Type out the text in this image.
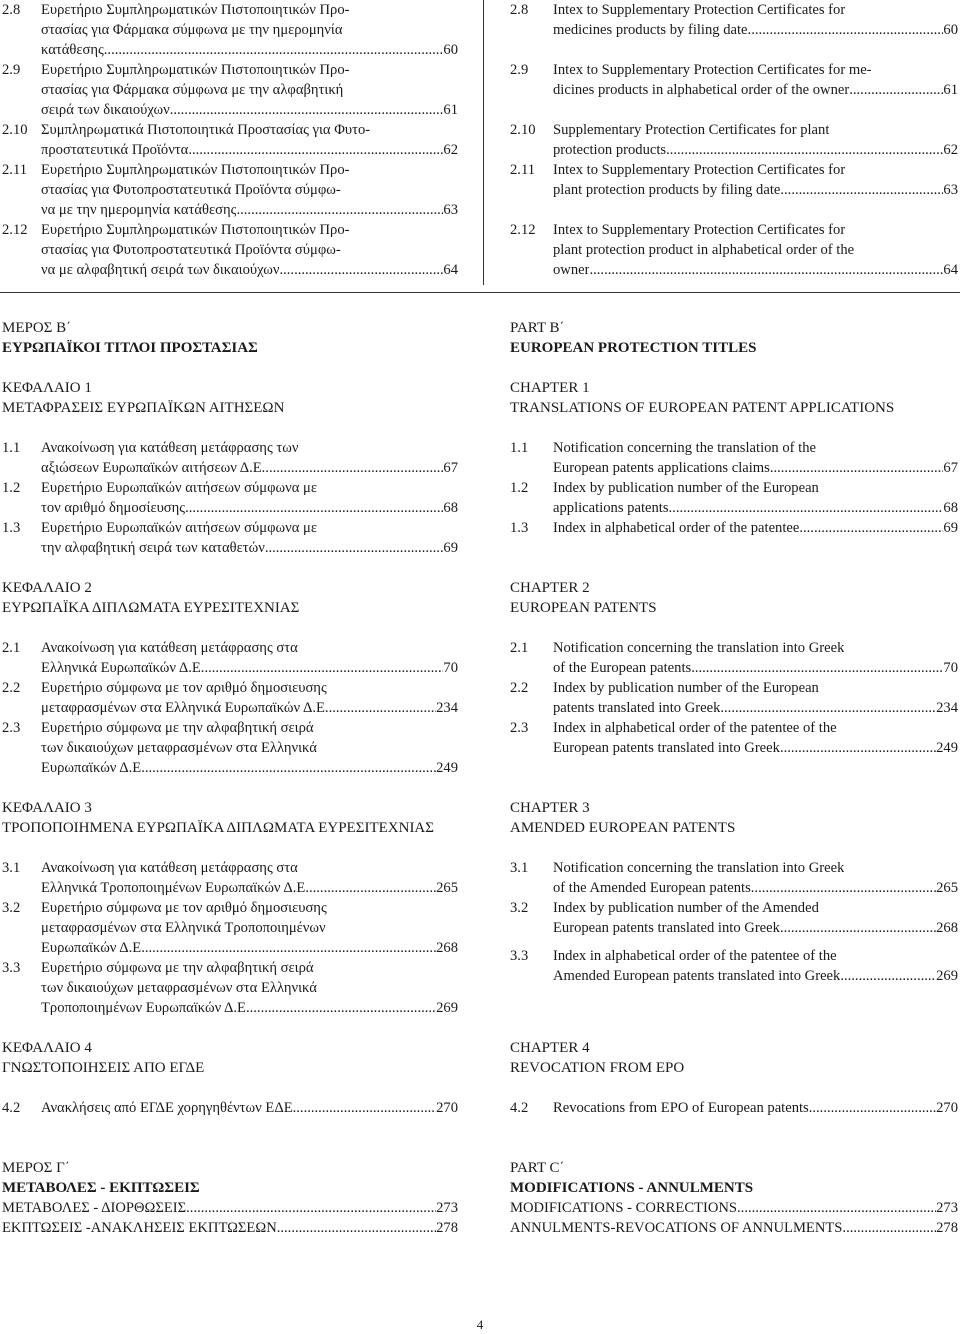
2.8	Ευρετήριο Συμπληρωματικών Πιστοποιητικών Προ-
στασίας για Φάρμακα σύμφωνα με την ημερομηνία
κατάθεσης .....	60
2.9	Ευρετήριο Συμπληρωματικών Πιστοποιητικών Προ-
στασίας για Φάρμακα σύμφωνα με την αλφαβητική
σειρά των δικαιούχων .....	61
2.10 Συμπληρωματικά Πιστοποιητικά Προστασίας για Φυτο-
προστατευτικά Προϊόντα .....	62
2.11 Ευρετήριο Συμπληρωματικών Πιστοποιητικών Προ-
στασίας για Φυτοπροστατευτικά Προϊόντα σύμφω-
να με την ημερομηνία κατάθεσης .....	63
2.12 Ευρετήριο Συμπληρωματικών Πιστοποιητικών Προ-
στασίας για Φυτοπροστατευτικά Προϊόντα σύμφω-
να με αλφαβητική σειρά των δικαιούχων .....	64
2.8	Intex to Supplementary Protection Certificates for
medicines products by filing date .....	60
2.9	Intex to Supplementary Protection Certificates for me-
dicines products in alphabetical order of the owner .....	61
2.10	Supplementary Protection Certificates for plant
protection products .....	62
2.11	Intex to Supplementary Protection Certificates for
plant protection products by filing date .....	63
2.12	Intex to Supplementary Protection Certificates for
plant protection product in alphabetical order of the
owner .....	64
ΜΕΡΟΣ Β΄
ΕΥΡΩΠΑΪΚΟΙ ΤΙΤΛΟΙ ΠΡΟΣΤΑΣΙΑΣ
PART B΄
EUROPEAN PROTECTION TITLES
ΚΕΦΑΛΑΙΟ 1
ΜΕΤΑΦΡΑΣΕΙΣ ΕΥΡΩΠΑΪΚΩΝ ΑΙΤΗΣΕΩΝ
1.1	Ανακοίνωση για κατάθεση μετάφρασης των
αξιώσεων Ευρωπαϊκών αιτήσεων Δ.Ε. .....	67
1.2	Ευρετήριο Ευρωπαϊκών αιτήσεων σύμφωνα με
τον αριθμό δημοσίευσης .....	68
1.3	Ευρετήριο Ευρωπαϊκών αιτήσεων σύμφωνα με
την αλφαβητική σειρά των καταθετών .....	69
CHAPTER 1
TRANSLATIONS OF EUROPEAN PATENT APPLICATIONS
1.1	Notification concerning the translation of the
European patents applications claims .....	67
1.2	Index by publication number of the European
applications patents .....	68
1.3	Index in alphabetical order of the patentee .....	69
ΚΕΦΑΛΑΙΟ 2
ΕΥΡΩΠΑΪΚΑ ΔΙΠΛΩΜΑΤΑ ΕΥΡΕΣΙΤΕΧΝΙΑΣ
2.1	Ανακοίνωση για κατάθεση μετάφρασης στα
Ελληνικά Ευρωπαϊκών Δ.Ε. .....	70
2.2	Ευρετήριο σύμφωνα με τον αριθμό δημοσιευσης
μεταφρασμένων στα Ελληνικά Ευρωπαϊκών Δ.Ε. .....	234
2.3	Ευρετήριο σύμφωνα με την αλφαβητική σειρά
των δικαιούχων μεταφρασμένων στα Ελληνικά
Ευρωπαϊκών Δ.Ε. .....	249
CHAPTER 2
EUROPEAN PATENTS
2.1	Notification concerning the translation into Greek
of the European patents .....	70
2.2	Index by publication number of the European
patents translated into Greek .....	234
2.3	Index in alphabetical order of the patentee of the
European patents translated into Greek .....	249
ΚΕΦΑΛΑΙΟ 3
ΤΡΟΠΟΠΟΙΗΜΕΝΑ ΕΥΡΩΠΑΪΚΑ ΔΙΠΛΩΜΑΤΑ ΕΥΡΕΣΙΤΕΧΝΙΑΣ
3.1	Ανακοίνωση για κατάθεση μετάφρασης στα
Ελληνικά Τροποποιημένων Ευρωπαϊκών Δ.Ε. .....	265
3.2	Ευρετήριο σύμφωνα με τον αριθμό δημοσιευσης
μεταφρασμένων στα Ελληνικά Τροποποιημένων
Ευρωπαϊκών Δ.Ε. .....	268
3.3	Ευρετήριο σύμφωνα με την αλφαβητική σειρά
των δικαιούχων μεταφρασμένων στα Ελληνικά
Τροποποιημένων Ευρωπαϊκών Δ.Ε. .....	269
CHAPTER 3
AMENDED EUROPEAN PATENTS
3.1	Notification concerning the translation into Greek
of the Amended European patents .....	265
3.2	Index by publication number of the Amended
European patents translated into Greek .....	268
3.3	Index in alphabetical order of the patentee of the
Amended European patents translated into Greek .....	269
ΚΕΦΑΛΑΙΟ 4
ΓΝΩΣΤΟΠΟΙΗΣΕΙΣ ΑΠΟ ΕΓΔΕ
4.2	Ανακλήσεις από ΕΓΔΕ χορηγηθέντων ΕΔΕ .....	270
CHAPTER 4
REVOCATION FROM EPO
4.2	Revocations from EPO of European patents .....	270
ΜΕΡΟΣ Γ΄
ΜΕΤΑΒΟΛΕΣ - ΕΚΠΤΩΣΕΙΣ
ΜΕΤΑΒΟΛΕΣ - ΔΙΟΡΘΩΣΕΙΣ .....	273
ΕΚΠΤΩΣΕΙΣ -ΑΝΑΚΛΗΣΕΙΣ ΕΚΠΤΩΣΕΩΝ .....	278
PART C΄
MODIFICATIONS - ANNULMENTS
MODIFICATIONS - CORRECTIONS .....	273
ANNULMENTS-REVOCATIONS OF ANNULMENTS .....	278
4
